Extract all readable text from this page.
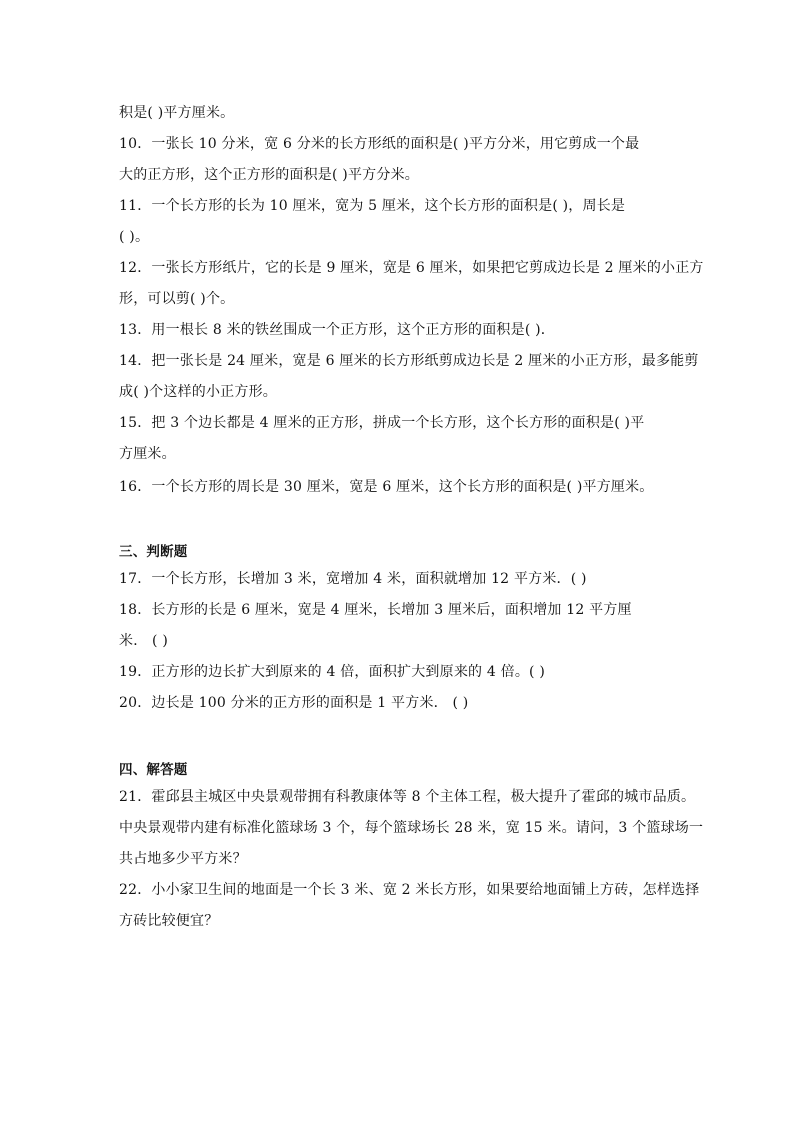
积是( )平方厘米。
10．一张长 10 分米，宽 6 分米的长方形纸的面积是( )平方分米，用它剪成一个最
大的正方形，这个正方形的面积是( )平方分米。
11．一个长方形的长为 10 厘米，宽为 5 厘米，这个长方形的面积是( )，周长是
( )。
12．一张长方形纸片，它的长是 9 厘米，宽是 6 厘米，如果把它剪成边长是 2 厘米的小正方
形，可以剪( )个。
13．用一根长 8 米的铁丝围成一个正方形，这个正方形的面积是( )．
14．把一张长是 24 厘米，宽是 6 厘米的长方形纸剪成边长是 2 厘米的小正方形，最多能剪
成( )个这样的小正方形。
15．把 3 个边长都是 4 厘米的正方形，拼成一个长方形，这个长方形的面积是( )平
方厘米。
16．一个长方形的周长是 30 厘米，宽是 6 厘米，这个长方形的面积是( )平方厘米。
三、判断题
17．一个长方形，长增加 3 米，宽增加 4 米，面积就增加 12 平方米．( )
18．长方形的长是 6 厘米，宽是 4 厘米，长增加 3 厘米后，面积增加 12 平方厘
米． ( )
19．正方形的边长扩大到原来的 4 倍，面积扩大到原来的 4 倍。( )
20．边长是 100 分米的正方形的面积是 1 平方米． ( )
四、解答题
21．霍邱县主城区中央景观带拥有科教康体等 8 个主体工程，极大提升了霍邱的城市品质。
中央景观带内建有标准化篮球场 3 个，每个篮球场长 28 米，宽 15 米。请问，3 个篮球场一
共占地多少平方米？
22．小小家卫生间的地面是一个长 3 米、宽 2 米长方形，如果要给地面铺上方砖，怎样选择
方砖比较便宜？
